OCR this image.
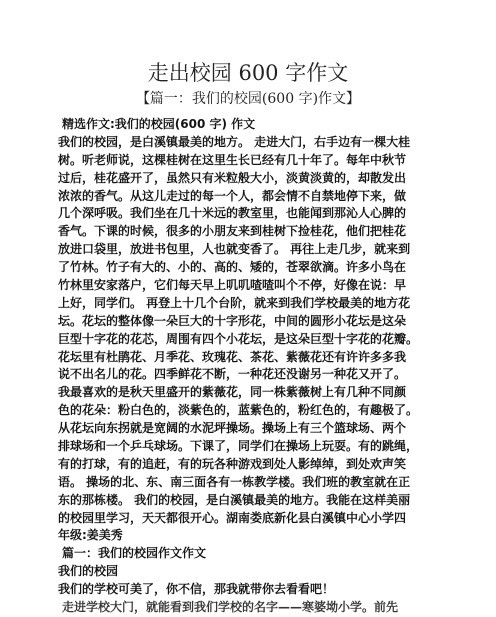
走出校园 600 字作文
【篇一：我们的校园(600 字)作文】
精选作文:我们的校园(600 字) 作文
我们的校园，是白溪镇最美的地方。 走进大门，右手边有一棵大桂
树。听老师说，这棵桂树在这里生长已经有几十年了。每年中秋节
过后，桂花盛开了，虽然只有米粒般大小，淡黄淡黄的，却散发出
浓浓的香气。从这儿走过的每一个人，都会情不自禁地停下来，做
几个深呼吸。我们坐在几十米远的教室里，也能闻到那沁人心脾的
香气。下课的时候，很多的小朋友来到桂树下捡桂花，他们把桂花
放进口袋里，放进书包里，人也就变香了。 再往上走几步，就来到
了竹林。竹子有大的、小的、高的、矮的，苍翠欲滴。许多小鸟在
竹林里安家落户，它们每天早上叽叽喳喳叫个不停，好像在说：早
上好，同学们。 再登上十几个台阶，就来到我们学校最美的地方花
坛。花坛的整体像一朵巨大的十字形花，中间的圆形小花坛是这朵
巨型十字花的花芯，周围有四个小花坛，是这朵巨型十字花的花瓣。
花坛里有杜鹃花、月季花、玫瑰花、茶花、紫薇花还有许许多多我
说不出名儿的花。四季鲜花不断，一种花还没谢另一种花又开了。
我最喜欢的是秋天里盛开的紫薇花，同一株紫薇树上有几种不同颜
色的花朵：粉白色的，淡紫色的，蓝紫色的，粉红色的，有趣极了。
从花坛向东拐就是宽阔的水泥坪操场。操场上有三个篮球场、两个
排球场和一个乒乓球场。下课了，同学们在操场上玩耍。有的跳绳，
有的打球，有的追赶，有的玩各种游戏到处人影绰绰，到处欢声笑
语。 操场的北、东、南三面各有一栋教学楼。我们班的教室就在正
东的那栋楼。 我们的校园，是白溪镇最美的地方。我能在这样美丽
的校园里学习，天天都很开心。湖南娄底新化县白溪镇中心小学四
年级:姜美秀
篇一：我们的校园作文作文
我们的校园
我们的学校可美了，你不信，那我就带你去看看吧！
走进学校大门，就能看到我们学校的名字——寒婆坳小学。前先
